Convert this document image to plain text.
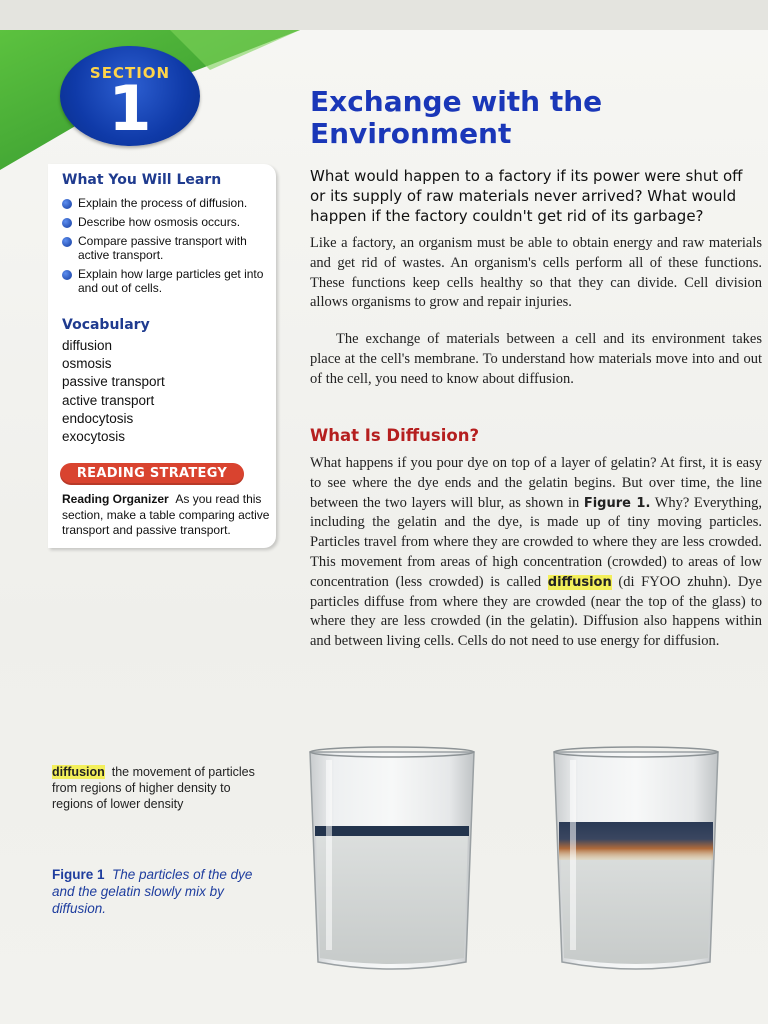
SECTION
1	Exchange with the Environment

What would happen to a factory if its power were shut off or its supply of raw materials never arrived? What would happen if the factory couldn't get rid of its garbage?

Like a factory, an organism must be able to obtain energy and raw materials and get rid of wastes. An organism's cells perform all of these functions. These functions keep cells healthy so that they can divide. Cell division allows organisms to grow and repair injuries.

The exchange of materials between a cell and its environment takes place at the cell's membrane. To understand how materials move into and out of the cell, you need to know about diffusion.

What Is Diffusion?

What happens if you pour dye on top of a layer of gelatin? At first, it is easy to see where the dye ends and the gelatin begins. But over time, the line between the two layers will blur, as shown in Figure 1. Why? Everything, including the gelatin and the dye, is made up of tiny moving particles. Particles travel from where they are crowded to where they are less crowded. This movement from areas of high concentration (crowded) to areas of low concentration (less crowded) is called diffusion (di FYOO zhuhn). Dye particles diffuse from where they are crowded (near the top of the glass) to where they are less crowded (in the gelatin). Diffusion also happens within and between living cells. Cells do not need to use energy for diffusion.

What You Will Learn
Explain the process of diffusion.
Describe how osmosis occurs.
Compare passive transport with active transport.
Explain how large particles get into and out of cells.
Vocabulary
diffusion
osmosis
passive transport
active transport
endocytosis
exocytosis
READING STRATEGY

Reading Organizer As you read this section, make a table comparing active transport and passive transport.

diffusion the movement of particles from regions of higher density to regions of lower density

Figure 1 The particles of the dye and the gelatin slowly mix by diffusion.
